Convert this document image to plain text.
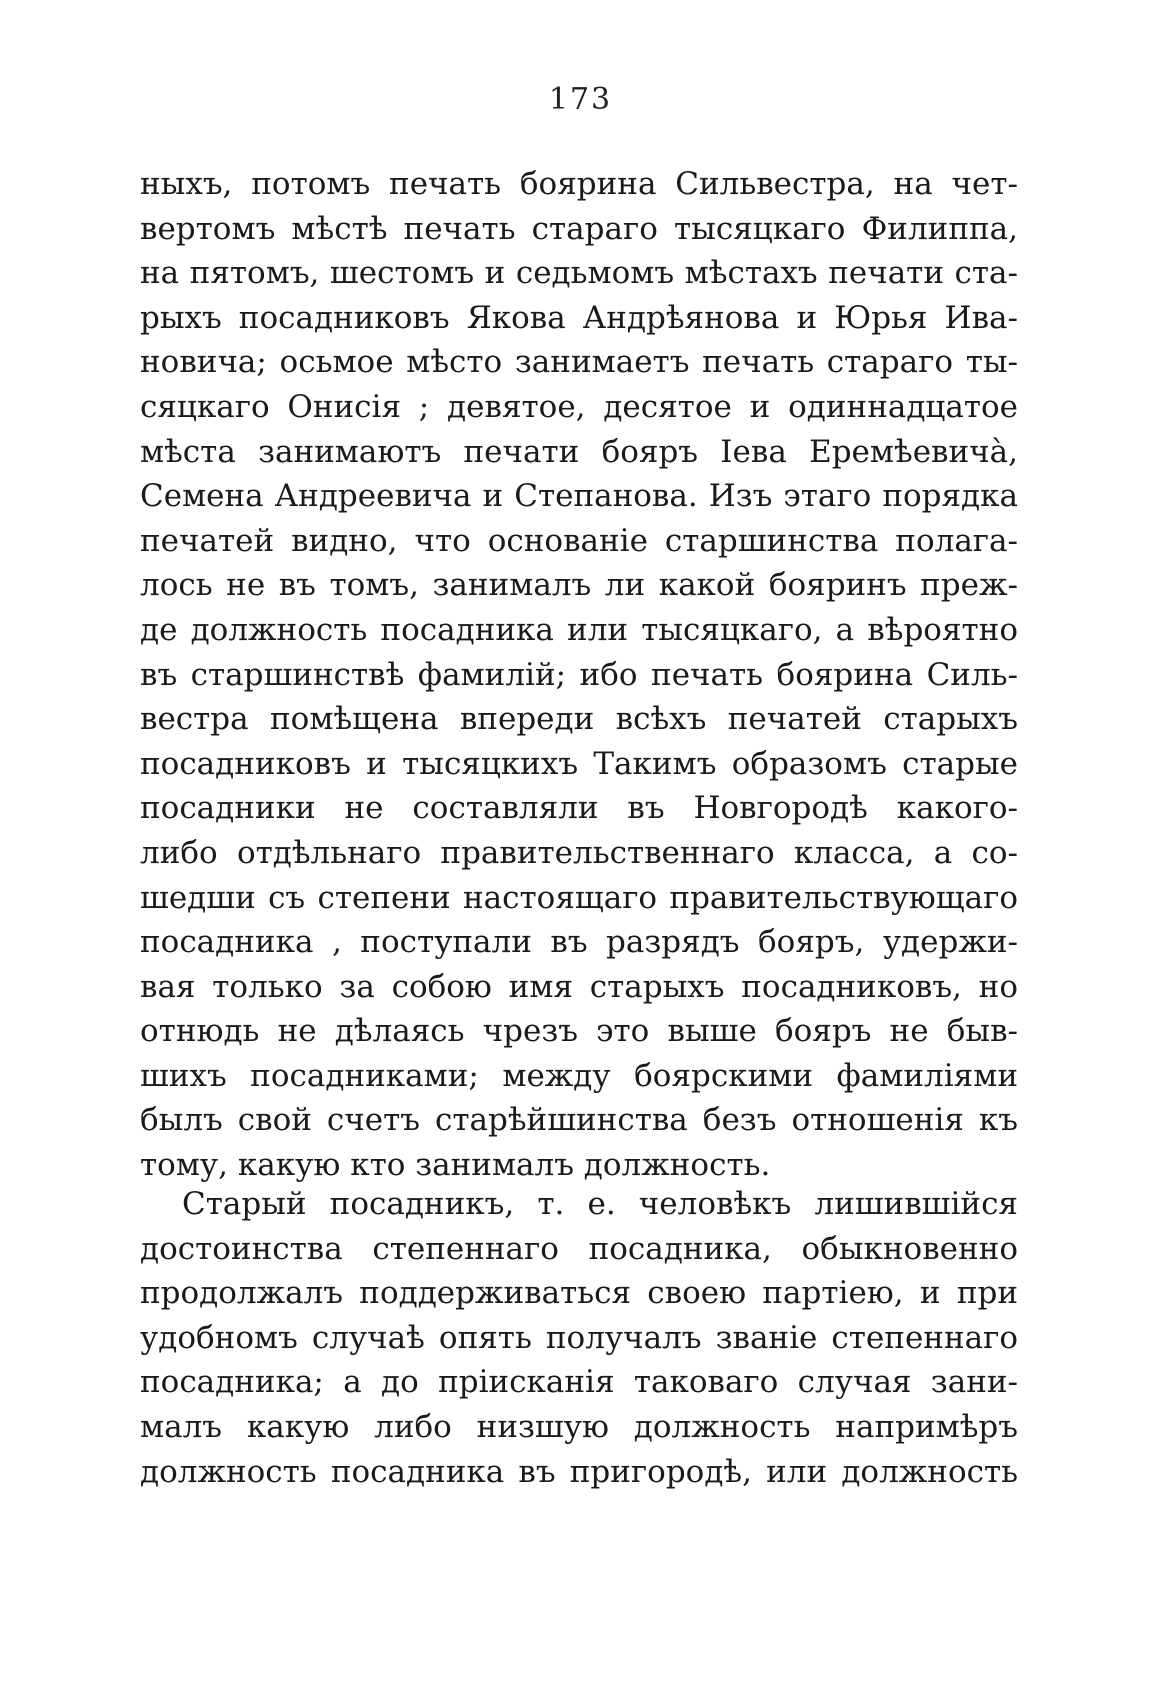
173
ныхъ, потомъ печать боярина Сильвестра, на чет-
вертомъ мѣстѣ печать стараго тысяцкаго Филиппа,
на пятомъ, шестомъ и седьмомъ мѣстахъ печати ста-
рыхъ посадниковъ Якова Андрѣянова и Юрья Ива-
новича; осьмое мѣсто занимаетъ печать стараго ты-
сяцкаго Онисія ; девятое, десятое и одиннадцатое
мѣста занимаютъ печати бояръ Іева Еремѣевичà,
Семена Андреевича и Степанова. Изъ этаго порядка
печатей видно, что основаніе старшинства полага-
лось не въ томъ, занималъ ли какой бояринъ преж-
де должность посадника или тысяцкаго, а вѣроятно
въ старшинствѣ фамилій; ибо печать боярина Силь-
вестра помѣщена впереди всѣхъ печатей старыхъ
посадниковъ и тысяцкихъ Такимъ образомъ старые
посадники не составляли въ Новгородѣ какого-
либо отдѣльнаго правительственнаго класса, а со-
шедши съ степени настоящаго правительствующаго
посадника , поступали въ разрядъ бояръ, удержи-
вая только за собою имя старыхъ посадниковъ, но
отнюдь не дѣлаясь чрезъ это выше бояръ не быв-
шихъ посадниками; между боярскими фамиліями
былъ свой счетъ старѣйшинства безъ отношенія къ
тому, какую кто занималъ должность.
Старый посадникъ, т. е. человѣкъ лишившійся
достоинства степеннаго посадника, обыкновенно
продолжалъ поддерживаться своею партіею, и при
удобномъ случаѣ опять получалъ званіе степеннаго
посадника; а до пріисканія таковаго случая зани-
малъ какую либо низшую должность напримѣръ
должность посадника въ пригородѣ, или должность
